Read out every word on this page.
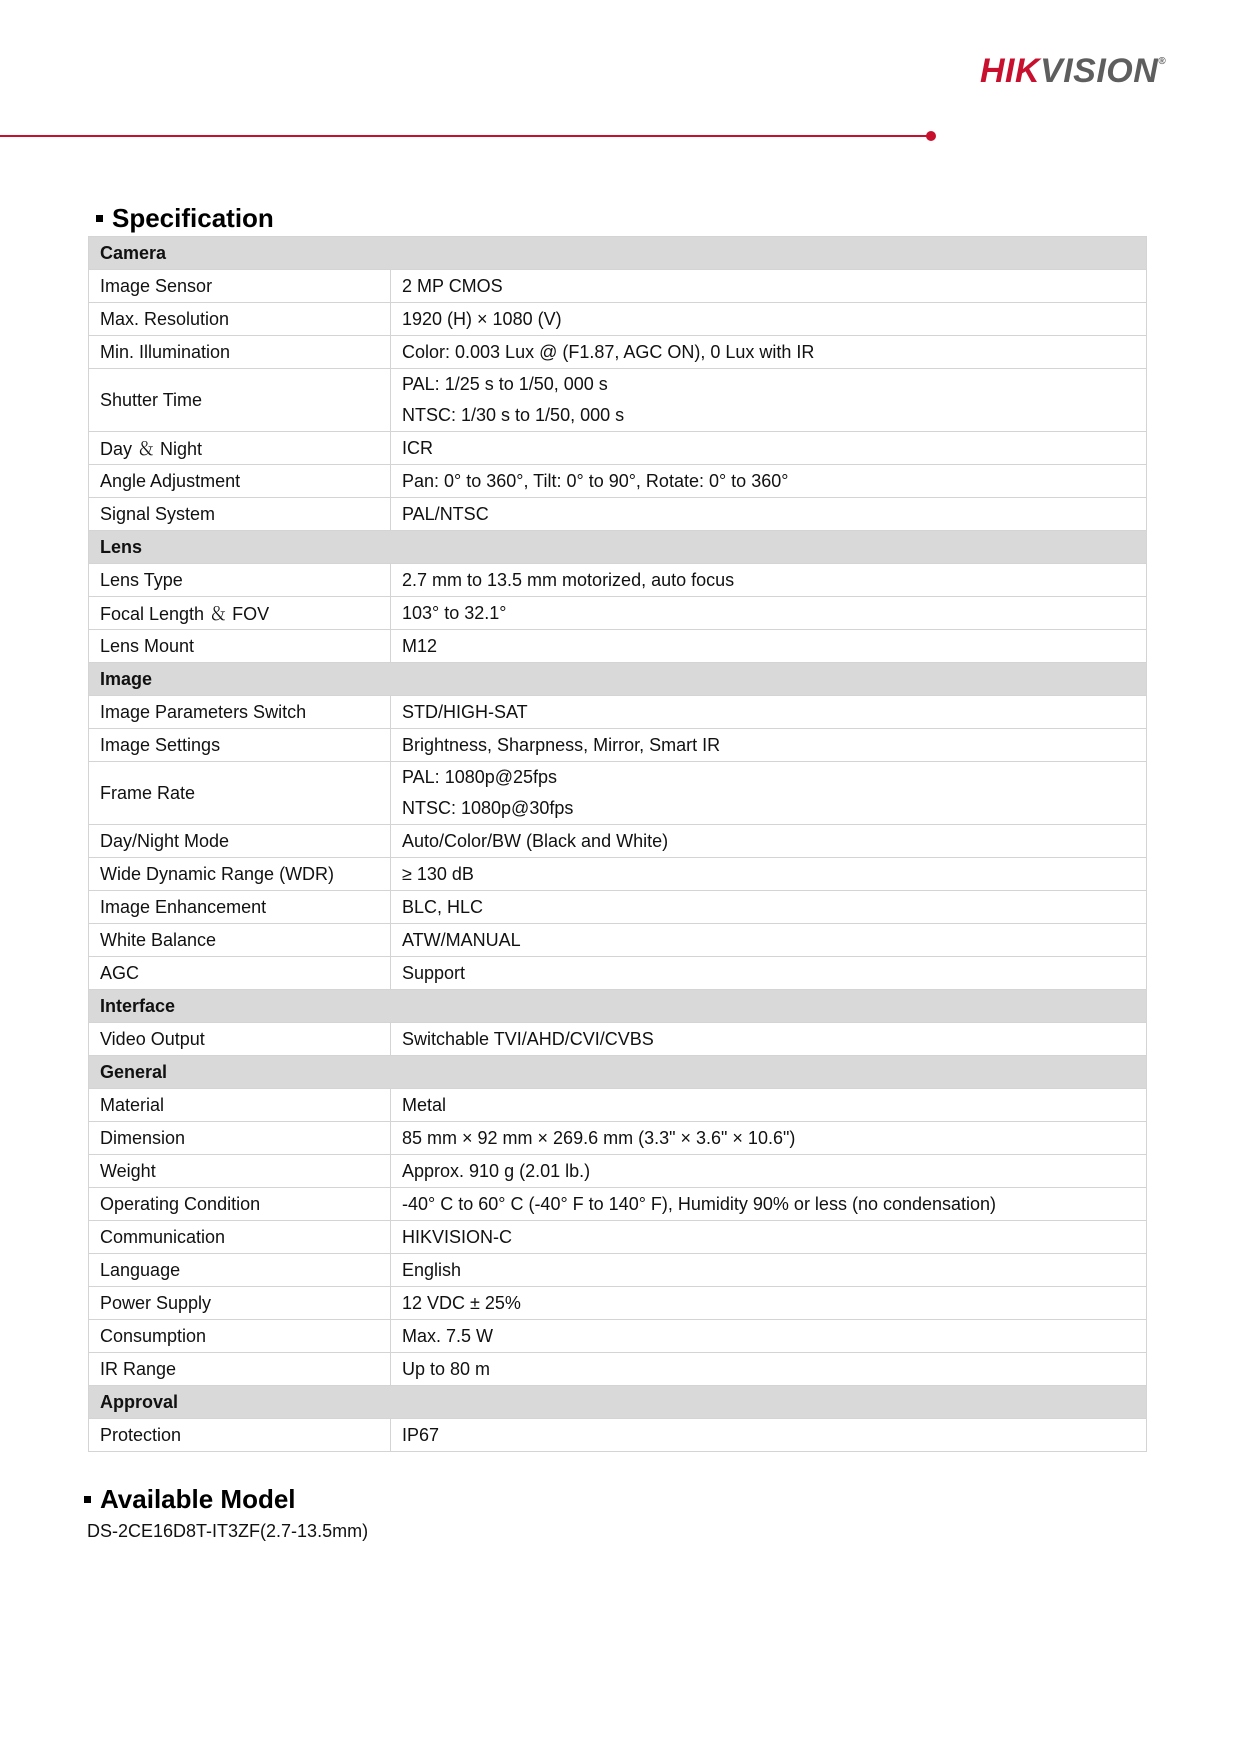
HIKVISION®
Specification
Camera	
Image Sensor	2 MP CMOS
Max. Resolution	1920 (H) × 1080 (V)
Min. Illumination	Color: 0.003 Lux @ (F1.87, AGC ON), 0 Lux with IR
Shutter Time	PAL: 1/25 s to 1/50, 000 s
NTSC: 1/30 s to 1/50, 000 s

Day ＆ Night	ICR
Angle Adjustment	Pan: 0° to 360°, Tilt: 0° to 90°, Rotate: 0° to 360°
Signal System	PAL/NTSC
Lens	
Lens Type	2.7 mm to 13.5 mm motorized, auto focus
Focal Length ＆ FOV	103° to 32.1°
Lens Mount	M12
Image	
Image Parameters Switch	STD/HIGH-SAT
Image Settings	Brightness, Sharpness, Mirror, Smart IR
Frame Rate	PAL: 1080p@25fps
NTSC: 1080p@30fps

Day/Night Mode	Auto/Color/BW (Black and White)
Wide Dynamic Range (WDR)	≥ 130 dB
Image Enhancement	BLC, HLC
White Balance	ATW/MANUAL
AGC	Support
Interface	
Video Output	Switchable TVI/AHD/CVI/CVBS
General	
Material	Metal
Dimension	85 mm × 92 mm × 269.6 mm (3.3" × 3.6" × 10.6")
Weight	Approx. 910 g (2.01 lb.)
Operating Condition	-40° C to 60° C (-40° F to 140° F), Humidity 90% or less (no condensation)
Communication	HIKVISION-C
Language	English
Power Supply	12 VDC ± 25%
Consumption	Max. 7.5 W
IR Range	Up to 80 m
Approval	
Protection	IP67
Available Model
DS-2CE16D8T-IT3ZF(2.7-13.5mm)
